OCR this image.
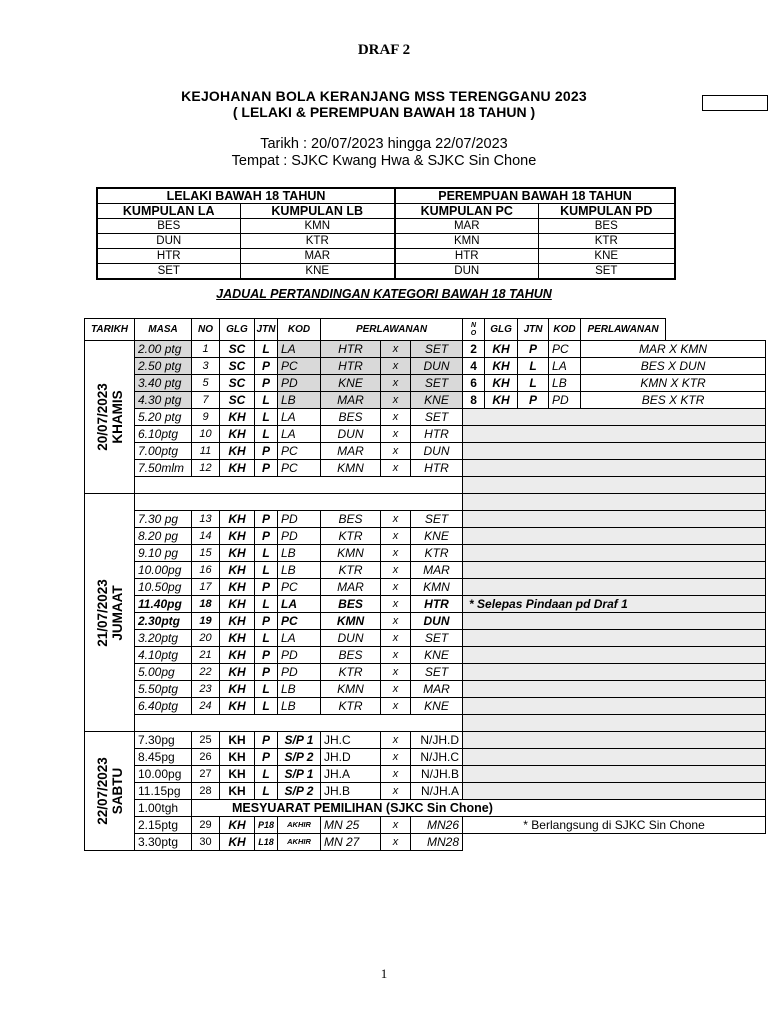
DRAF 2
KEJOHANAN BOLA KERANJANG MSS TERENGGANU 2023
( LELAKI & PEREMPUAN BAWAH 18 TAHUN )
Tarikh : 20/07/2023 hingga 22/07/2023
Tempat : SJKC Kwang Hwa & SJKC Sin Chone
LELAKI BAWAH 18 TAHUN		PEREMPUAN BAWAH 18 TAHUN	
KUMPULAN LA	KUMPULAN LB	KUMPULAN PC	KUMPULAN PD
BES	KMN	MAR	BES
DUN	KTR	KMN	KTR
HTR	MAR	HTR	KNE
SET	KNE	DUN	SET
JADUAL PERTANDINGAN KATEGORI BAWAH 18 TAHUN
TARIKH	MASA	NO	GLG	JTN	KOD	PERLAWANAN			N O	GLG	JTN	KOD	PERLAWANAN	

20/07/2023 KHAMIS	2.00 ptg	1	SC	L	LA	HTR	x	SET	2	KH	P	PC	MAR X KMN	
	2.50 ptg	3	SC	P	PC	HTR	x	DUN	4	KH	L	LA	BES X DUN	
	3.40 ptg	5	SC	P	PD	KNE	x	SET	6	KH	L	LB	KMN X KTR	
	4.30 ptg	7	SC	L	LB	MAR	x	KNE	8	KH	P	PD	BES X KTR	
	5.20 ptg	9	KH	L	LA	BES	x	SET						
	6.10ptg	10	KH	L	LA	DUN	x	HTR						
	7.00ptg	11	KH	P	PC	MAR	x	DUN						
	7.50mlm	12	KH	P	PC	KMN	x	HTR						

21/07/2023 JUMAAT														

	7.30 pg	13	KH	P	PD	BES	x	SET						
	8.20 pg	14	KH	P	PD	KTR	x	KNE						
	9.10 pg	15	KH	L	LB	KMN	x	KTR						
	10.00pg	16	KH	L	LB	KTR	x	MAR						
	10.50pg	17	KH	P	PC	MAR	x	KMN						
	11.40pg	18	KH	L	LA	BES	x	HTR	* Selepas Pindaan pd Draf 1					
	2.30ptg	19	KH	P	PC	KMN	x	DUN						
	3.20ptg	20	KH	L	LA	DUN	x	SET						
	4.10ptg	21	KH	P	PD	BES	x	KNE						
	5.00pg	22	KH	P	PD	KTR	x	SET						
	5.50ptg	23	KH	L	LB	KMN	x	MAR						
	6.40ptg	24	KH	L	LB	KTR	x	KNE						

22/07/2023 SABTU	7.30pg	25	KH	P	S/P 1	JH.C	x	N/JH.D						
	8.45pg	26	KH	P	S/P 2	JH.D	x	N/JH.C						
	10.00pg	27	KH	L	S/P 1	JH.A	x	N/JH.B						
	11.15pg	28	KH	L	S/P 2	JH.B	x	N/JH.A						
	1.00tgh	MESYUARAT PEMILIHAN (SJKC Sin Chone)												
	2.15ptg	29	KH	P18	AKHIR	MN 25	x	MN26	* Berlangsung di SJKC Sin Chone					
	3.30ptg	30	KH	L18	AKHIR	MN 27	x	MN28						
1
